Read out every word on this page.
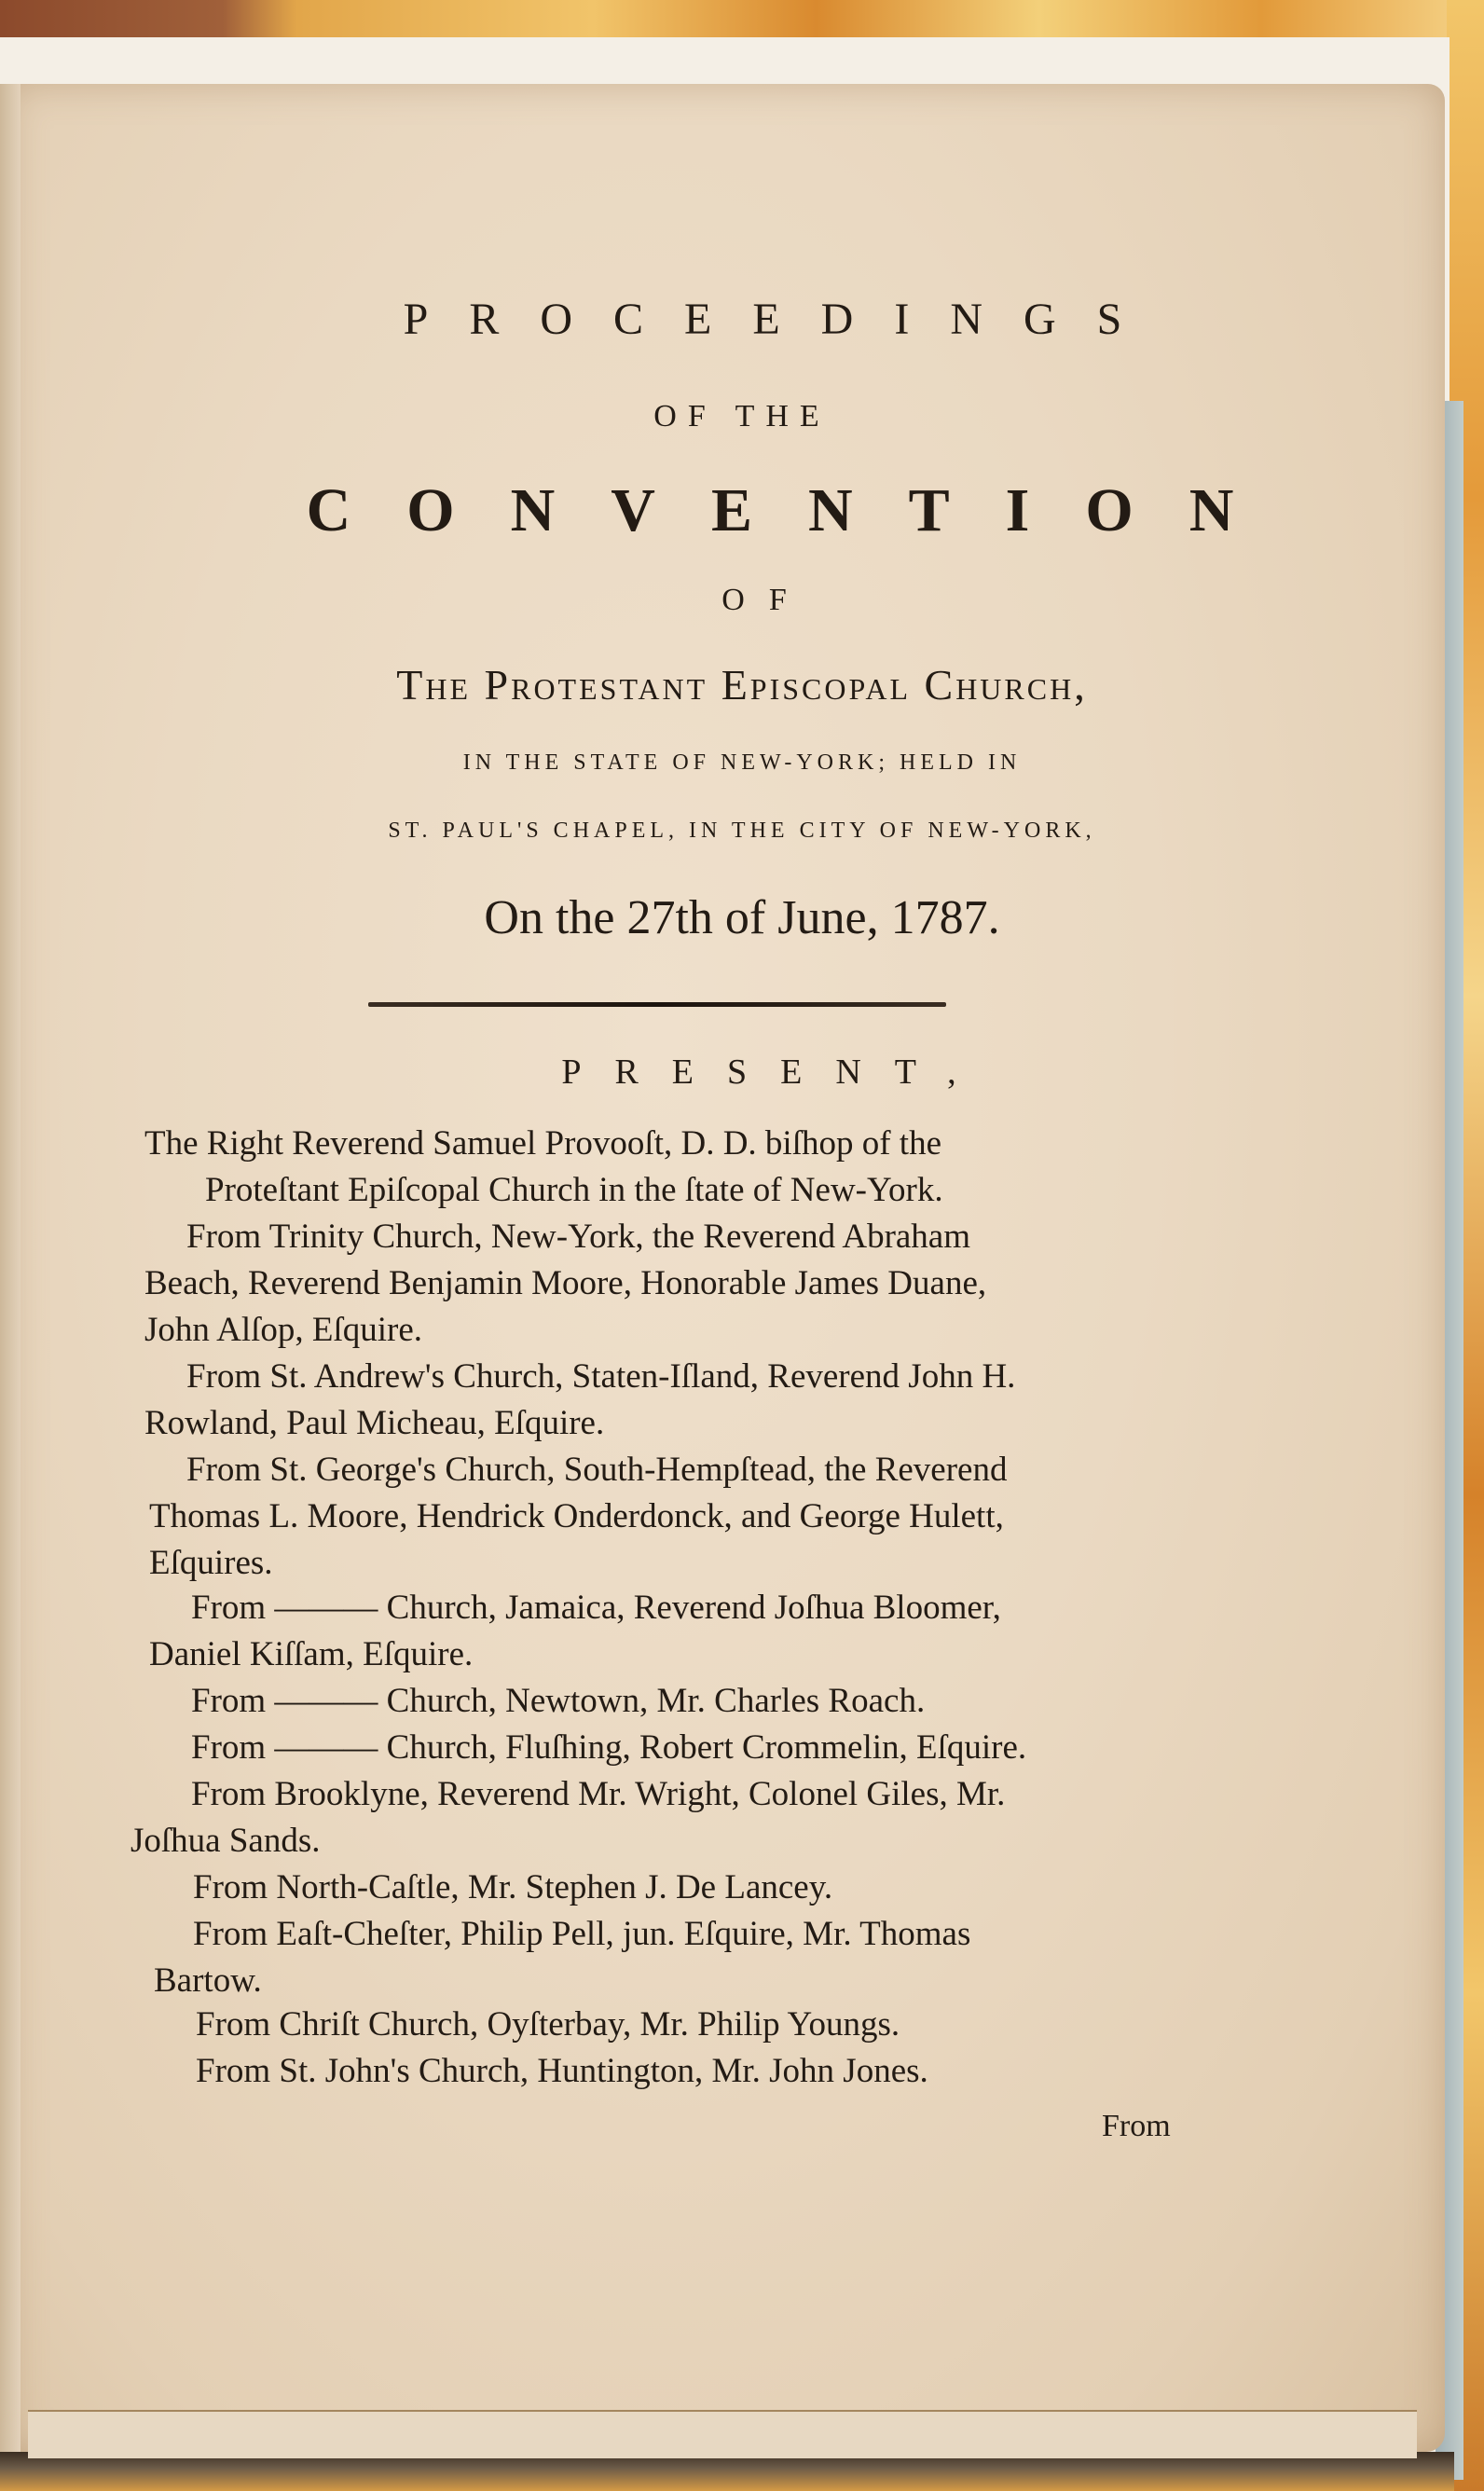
PROCEEDINGS
OF THE
CONVENTION
OF
The Protestant Episcopal Church,
IN THE STATE OF NEW-YORK; HELD IN
ST. PAUL'S CHAPEL, IN THE CITY OF NEW-YORK,
On the 27th of June, 1787.
PRESENT,
The Right Reverend Samuel Provooſt, D. D. biſhop of the
Proteſtant Epiſcopal Church in the ſtate of New-York.
From Trinity Church, New-York, the Reverend Abraham
Beach, Reverend Benjamin Moore, Honorable James Duane,
John Alſop, Eſquire.
From St. Andrew's Church, Staten-Iſland, Reverend John H.
Rowland, Paul Micheau, Eſquire.
From St. George's Church, South-Hempſtead, the Reverend
Thomas L. Moore, Hendrick Onderdonck, and George Hulett,
Eſquires.
From ——— Church, Jamaica, Reverend Joſhua Bloomer,
Daniel Kiſſam, Eſquire.
From ——— Church, Newtown, Mr. Charles Roach.
From ——— Church, Fluſhing, Robert Crommelin, Eſquire.
From Brooklyne, Reverend Mr. Wright, Colonel Giles, Mr.
Joſhua Sands.
From North-Caſtle, Mr. Stephen J. De Lancey.
From Eaſt-Cheſter, Philip Pell, jun. Eſquire, Mr. Thomas
Bartow.
From Chriſt Church, Oyſterbay, Mr. Philip Youngs.
From St. John's Church, Huntington, Mr. John Jones.
From
